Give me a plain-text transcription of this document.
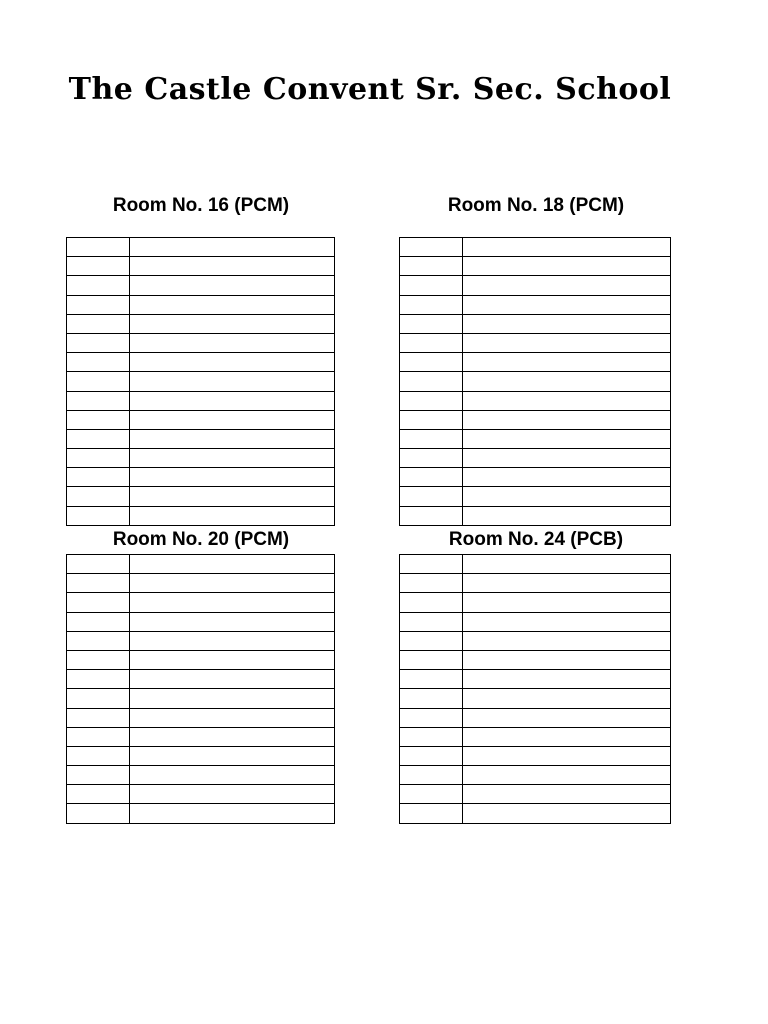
The Castle Convent Sr. Sec. School
Room No. 16 (PCM)	Room No. 18 (PCM)
Room No. 20 (PCM)	Room No. 24 (PCB)
